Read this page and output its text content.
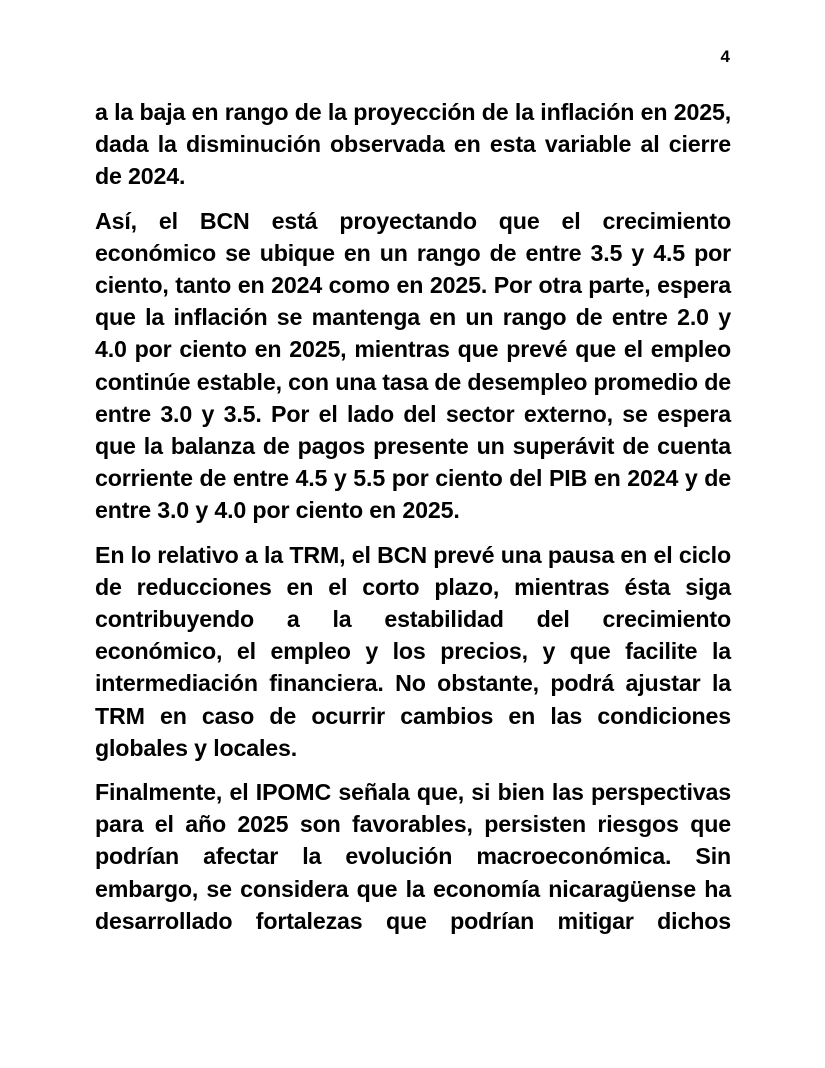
4

a la baja en rango de la proyección de la inflación en 2025, dada la disminución observada en esta variable al cierre de 2024.

Así, el BCN está proyectando que el crecimiento económico se ubique en un rango de entre 3.5 y 4.5 por ciento, tanto en 2024 como en 2025. Por otra parte, espera que la inflación se mantenga en un rango de entre 2.0 y 4.0 por ciento en 2025, mientras que prevé que el empleo continúe estable, con una tasa de desempleo promedio de entre 3.0 y 3.5. Por el lado del sector externo, se espera que la balanza de pagos presente un superávit de cuenta corriente de entre 4.5 y 5.5 por ciento del PIB en 2024 y de entre 3.0 y 4.0 por ciento en 2025.

En lo relativo a la TRM, el BCN prevé una pausa en el ciclo de reducciones en el corto plazo, mientras ésta siga contribuyendo a la estabilidad del crecimiento económico, el empleo y los precios, y que facilite la intermediación financiera. No obstante, podrá ajustar la TRM en caso de ocurrir cambios en las condiciones globales y locales.

Finalmente, el IPOMC señala que, si bien las perspectivas para el año 2025 son favorables, persisten riesgos que podrían afectar la evolución macroeconómica. Sin embargo, se considera que la economía nicaragüense ha desarrollado fortalezas que podrían mitigar dichos
